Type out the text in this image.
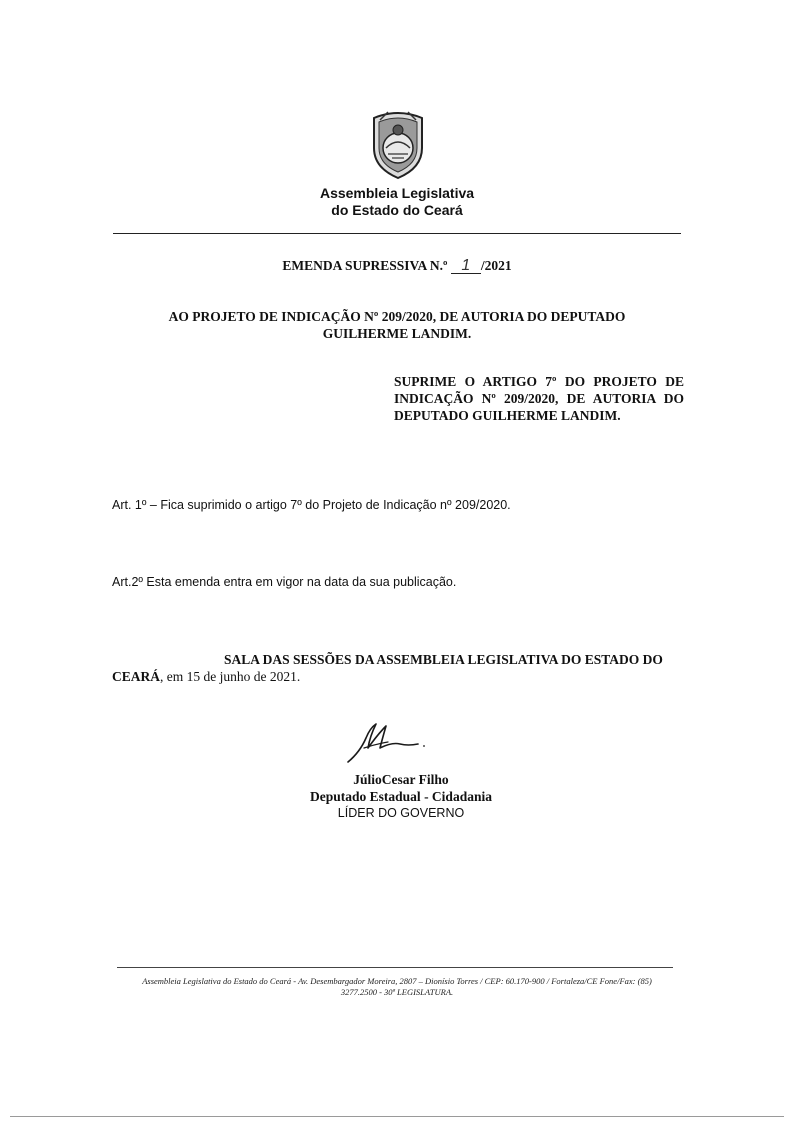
Assembleia Legislativa
do Estado do Ceará
EMENDA SUPRESSIVA N.º 1 /2021
AO PROJETO DE INDICAÇÃO Nº 209/2020, DE AUTORIA DO DEPUTADO
GUILHERME LANDIM.
SUPRIME O ARTIGO 7º DO PROJETO DE INDICAÇÃO Nº 209/2020, DE AUTORIA DO DEPUTADO GUILHERME LANDIM.
Art. 1º – Fica suprimido o artigo 7º do Projeto de Indicação nº 209/2020.
Art.2º Esta emenda entra em vigor na data da sua publicação.
SALA DAS SESSÕES DA ASSEMBLEIA LEGISLATIVA DO ESTADO DO
CEARÁ, em 15 de junho de 2021.
JúlioCesar Filho
Deputado Estadual - Cidadania
LÍDER DO GOVERNO
Assembleia Legislativa do Estado do Ceará - Av. Desembargador Moreira, 2807 – Dionísio Torres / CEP: 60.170-900 / Fortaleza/CE Fone/Fax: (85)
3277.2500 - 30ª LEGISLATURA.
